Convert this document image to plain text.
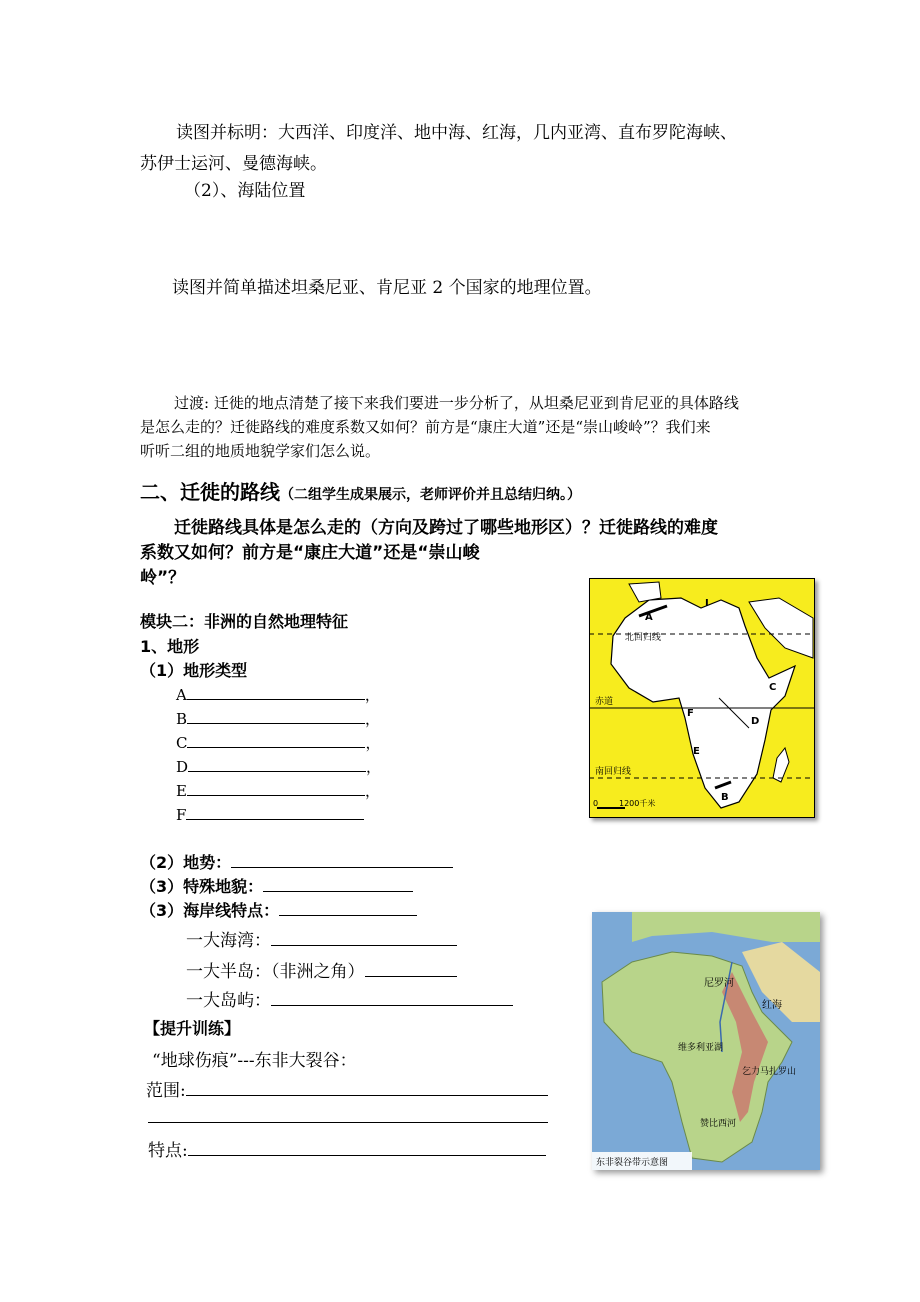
读图并标明：大西洋、印度洋、地中海、红海，几内亚湾、直布罗陀海峡、
苏伊士运河、曼德海峡。
（2）、海陆位置
读图并简单描述坦桑尼亚、肯尼亚 2 个国家的地理位置。
过渡: 迁徙的地点清楚了接下来我们要进一步分析了，从坦桑尼亚到肯尼亚的具体路线
是怎么走的？迁徙路线的难度系数又如何？前方是“康庄大道”还是“崇山峻岭”？我们来
听听二组的地质地貌学家们怎么说。
二、迁徙的路线（二组学生成果展示，老师评价并且总结归纳。）
迁徙路线具体是怎么走的（方向及跨过了哪些地形区）？迁徙路线的难度
系数又如何？前方是“康庄大道”还是“崇山峻
岭”？
模块二：非洲的自然地理特征
1、地形
（1）地形类型
A	，
B	，
C	，
D	，
E	，
F
（2）地势：
（3）特殊地貌：
（3）海岸线特点：
一大海湾：
一大半岛：（非洲之角）
一大岛屿：
【提升训练】
“地球伤痕”---东非大裂谷：
范围:
特点:
北回归线
赤道
南回归线
A
B
C
D
E
F
I
0	1200千米
尼罗河
红海
维多利亚湖
乞力马扎罗山
赞比西河
东非裂谷带示意图
